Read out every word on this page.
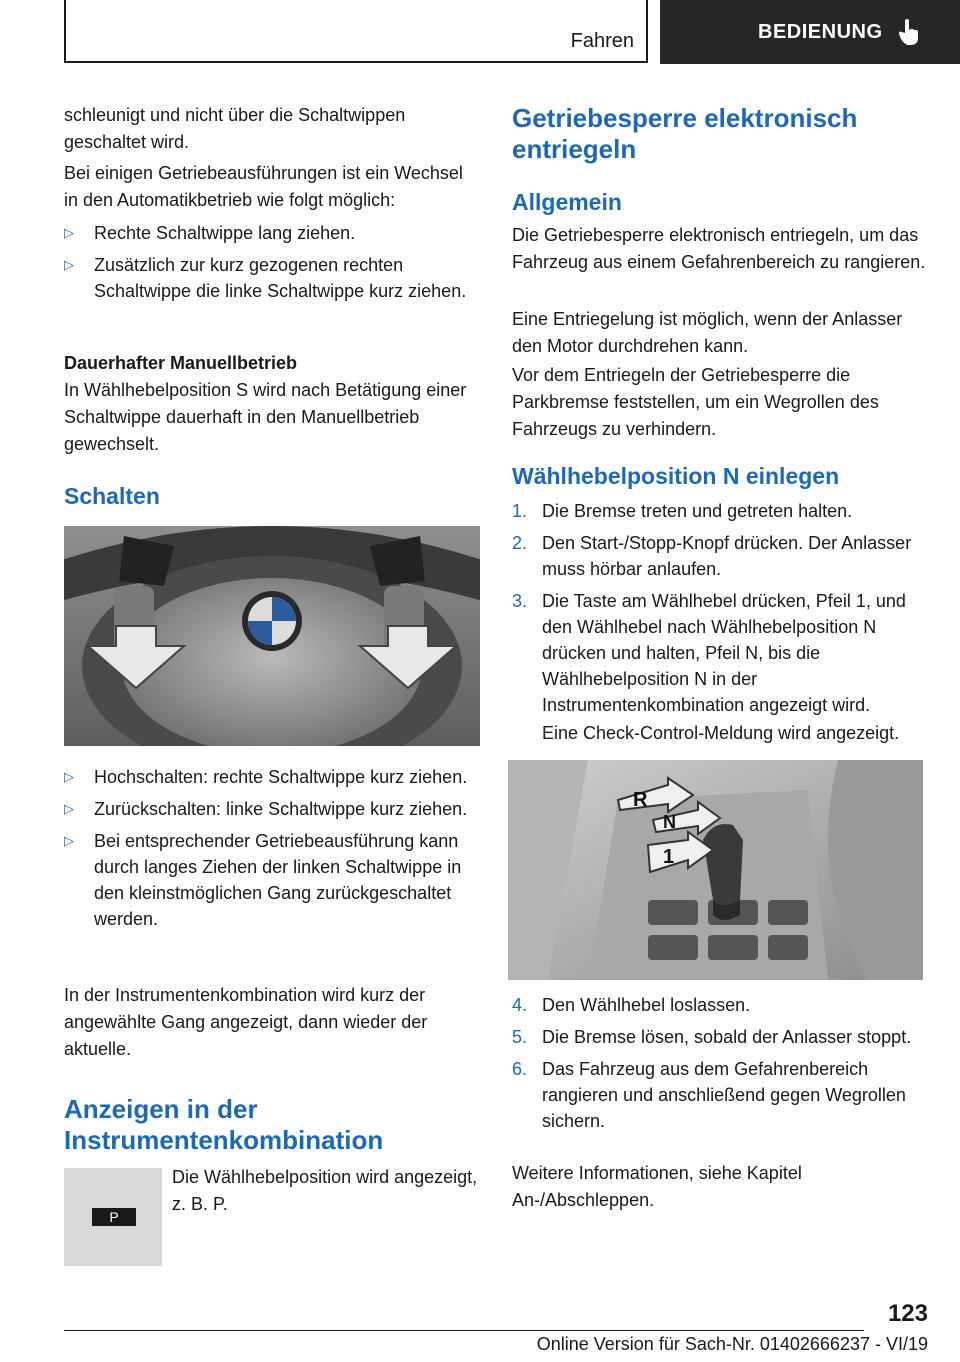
Fahren	BEDIENUNG

schleunigt und nicht über die Schaltwippen geschaltet wird.

Bei einigen Getriebeausführungen ist ein Wechsel in den Automatikbetrieb wie folgt möglich:

▷ Rechte Schaltwippe lang ziehen.
▷ Zusätzlich zur kurz gezogenen rechten Schaltwippe die linke Schaltwippe kurz ziehen.

Dauerhafter Manuellbetrieb

In Wählhebelposition S wird nach Betätigung einer Schaltwippe dauerhaft in den Manuellbetrieb gewechselt.

Schalten

▷ Hochschalten: rechte Schaltwippe kurz ziehen.
▷ Zurückschalten: linke Schaltwippe kurz ziehen.
▷ Bei entsprechender Getriebeausführung kann durch langes Ziehen der linken Schaltwippe in den kleinstmöglichen Gang zurückgeschaltet werden.

In der Instrumentenkombination wird kurz der angewählte Gang angezeigt, dann wieder der aktuelle.

Anzeigen in der Instrumentenkombination

P

Die Wählhebelposition wird angezeigt, z. B. P.

Getriebesperre elektronisch entriegeln

Allgemein

Die Getriebesperre elektronisch entriegeln, um das Fahrzeug aus einem Gefahrenbereich zu rangieren.

Eine Entriegelung ist möglich, wenn der Anlasser den Motor durchdrehen kann.

Vor dem Entriegeln der Getriebesperre die Parkbremse feststellen, um ein Wegrollen des Fahrzeugs zu verhindern.

Wählhebelposition N einlegen

1. Die Bremse treten und getreten halten.
2. Den Start-/Stopp-Knopf drücken. Der Anlasser muss hörbar anlaufen.
3. Die Taste am Wählhebel drücken, Pfeil 1, und den Wählhebel nach Wählhebelposition N drücken und halten, Pfeil N, bis die Wählhebelposition N in der Instrumentenkombination angezeigt wird.

Eine Check-Control-Meldung wird angezeigt.

R
N
1
4. Den Wählhebel loslassen.
5. Die Bremse lösen, sobald der Anlasser stoppt.
6. Das Fahrzeug aus dem Gefahrenbereich rangieren und anschließend gegen Wegrollen sichern.

Weitere Informationen, siehe Kapitel An-/Abschleppen.

123
Online Version für Sach-Nr. 01402666237 - VI/19
